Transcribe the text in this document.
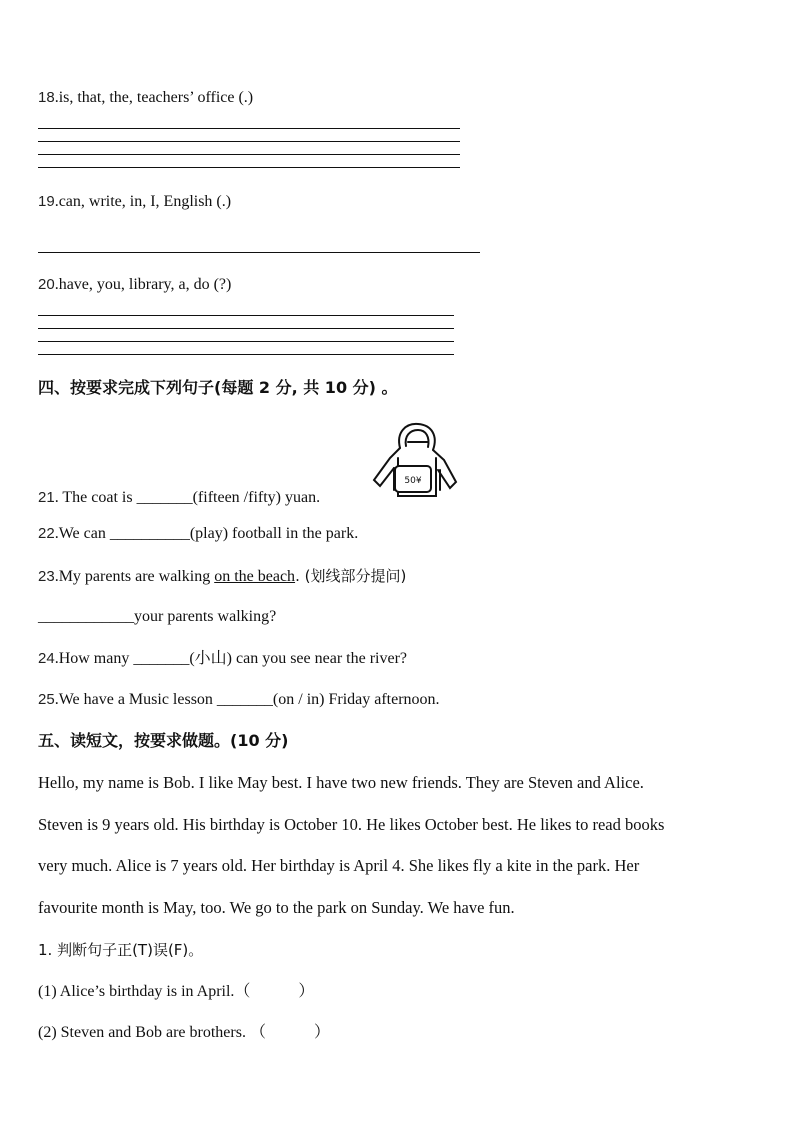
18.is, that, the, teachers’ office (.)
19.can, write, in, I, English (.)
20.have, you, library, a, do (?)
四、按要求完成下列句子(每题 2 分, 共 10 分) 。
50¥
21. The coat is _______(fifteen /fifty) yuan.
22.We can __________(play) football in the park.
23.My parents are walking on the beach. (划线部分提问)
____________your parents walking?
24.How many _______(小山) can you see near the river?
25.We have a Music lesson _______(on / in) Friday afternoon.
五、读短文，按要求做题。(10 分)
Hello, my name is Bob. I like May best. I have two new friends. They are Steven and Alice.
Steven is 9 years old. His birthday is October 10. He likes October best. He likes to read books
very much. Alice is 7 years old. Her birthday is April 4. She likes fly a kite in the park. Her
favourite month is May, too. We go to the park on Sunday. We have fun.
1. 判断句子正(T)误(F)。
(1) Alice’s birthday is in April.（　　　）
(2) Steven and Bob are brothers. （　　　）
